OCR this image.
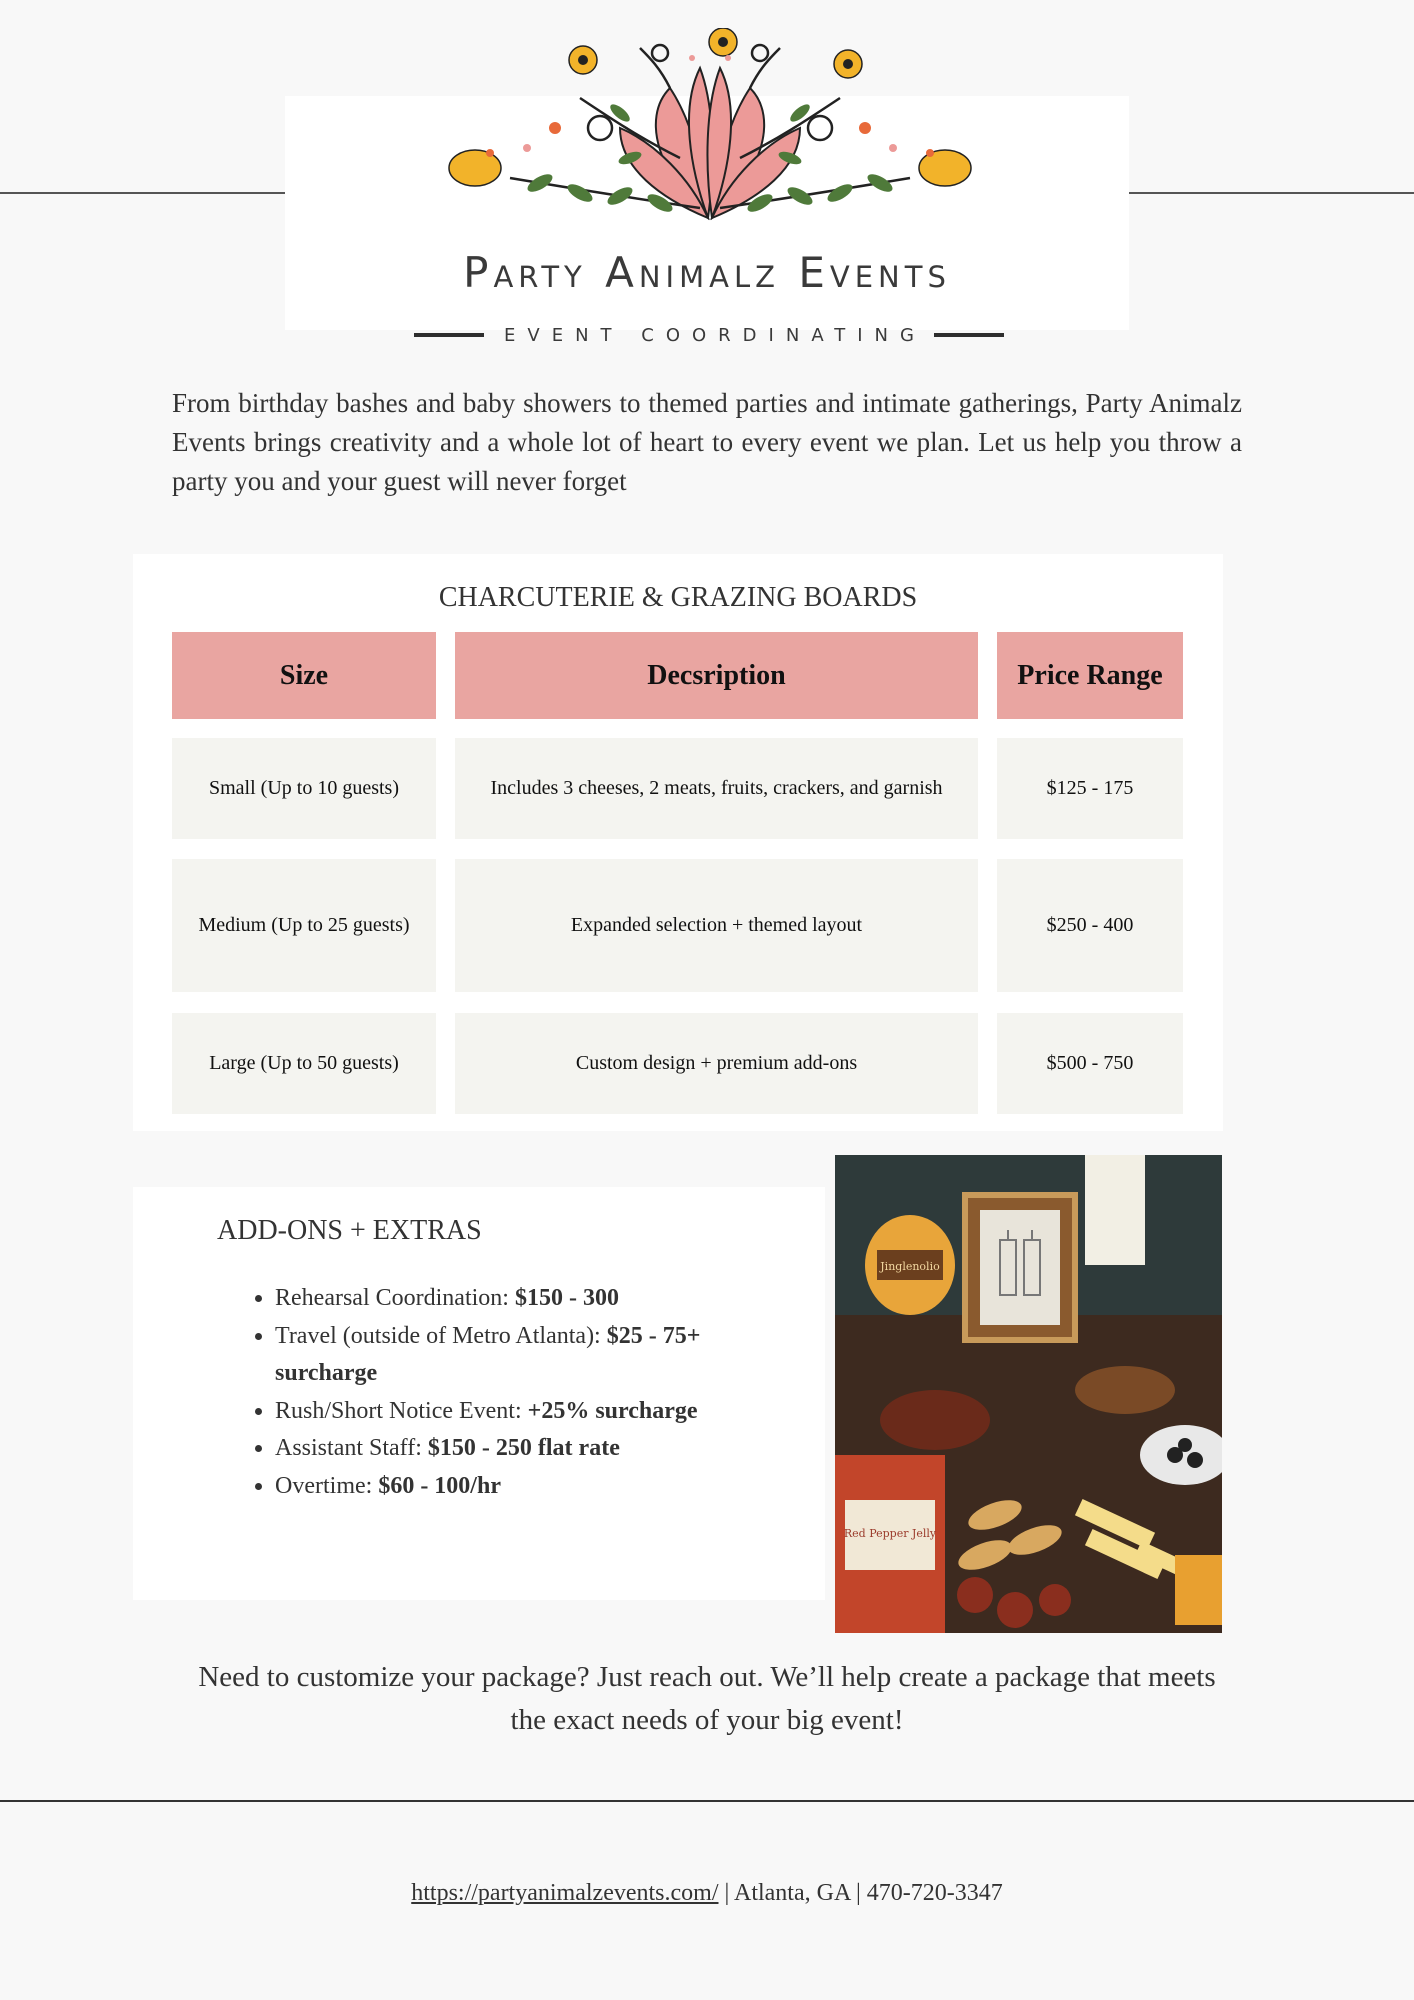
Party Animalz Events
EVENT COORDINATING

From birthday bashes and baby showers to themed parties and intimate gatherings, Party Animalz Events brings creativity and a whole lot of heart to every event we plan. Let us help you throw a party you and your guest will never forget

CHARCUTERIE & GRAZING BOARDS
Size	Decsription	Price Range
Small (Up to 10 guests)	Includes 3 cheeses, 2 meats, fruits, crackers, and garnish	$125 - 175
Medium (Up to 25 guests)	Expanded selection + themed layout	$250 - 400
Large (Up to 50 guests)	Custom design + premium add-ons	$500 - 750
ADD-ONS + EXTRAS
• Rehearsal Coordination: $150 - 300
• Travel (outside of Metro Atlanta): $25 - 75+ surcharge
• Rush/Short Notice Event: +25% surcharge
• Assistant Staff: $150 - 250 flat rate
• Overtime: $60 - 100/hr
Jinglenolio
Red Pepper Jelly

Need to customize your package? Just reach out. We’ll help create a package that meets the exact needs of your big event!

https://partyanimalzevents.com/ | Atlanta, GA | 470-720-3347
